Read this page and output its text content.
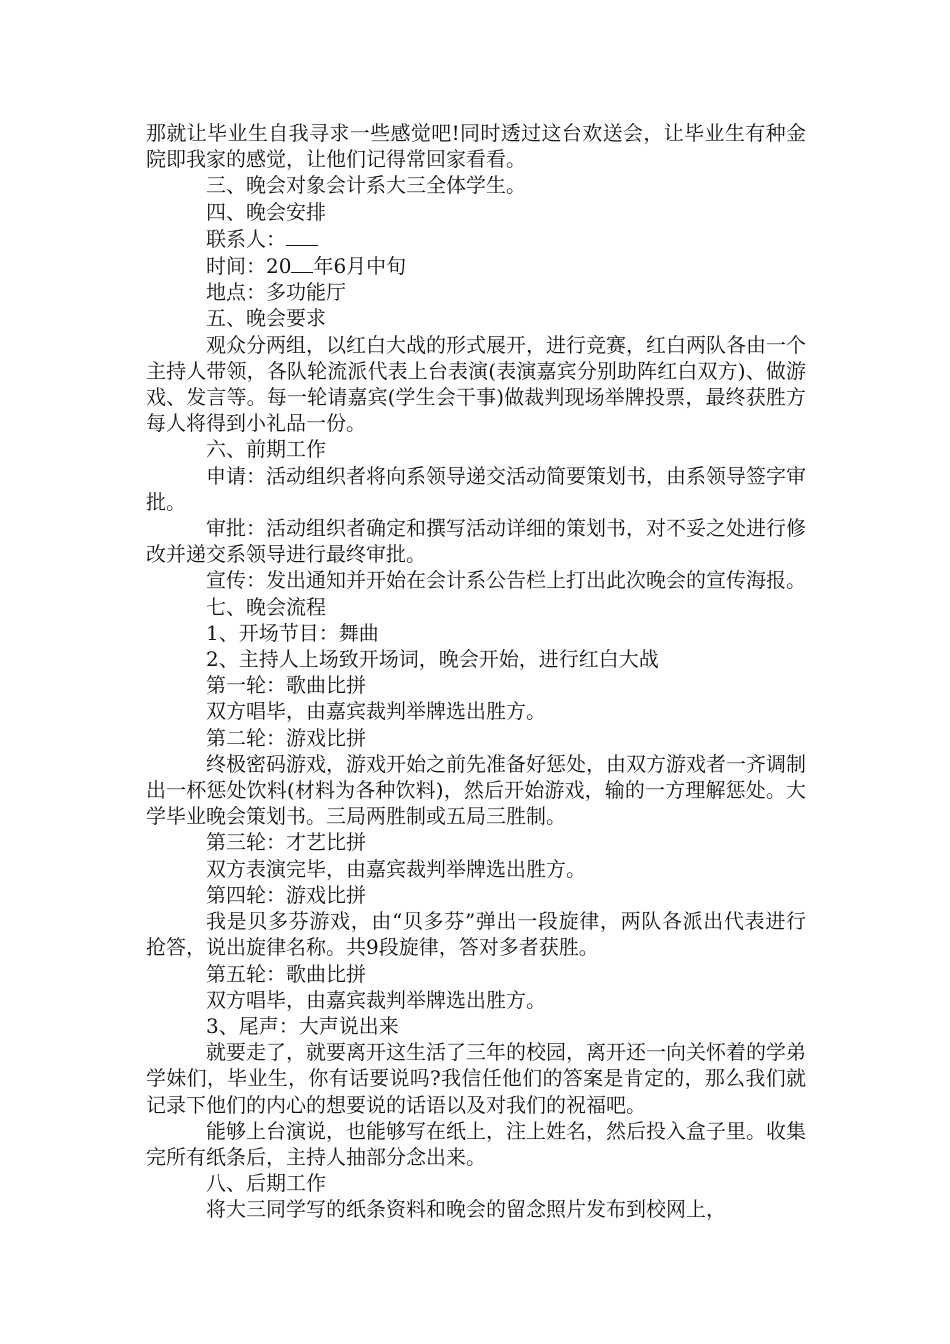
那就让毕业生自我寻求一些感觉吧!同时透过这台欢送会，让毕业生有种金院即我家的感觉，让他们记得常回家看看。

三、晚会对象会计系大三全体学生。

四、晚会安排

联系人：

时间：20 年6月中旬

地点：多功能厅

五、晚会要求

观众分两组，以红白大战的形式展开，进行竞赛，红白两队各由一个主持人带领，各队轮流派代表上台表演(表演嘉宾分别助阵红白双方)、做游戏、发言等。每一轮请嘉宾(学生会干事)做裁判现场举牌投票，最终获胜方每人将得到小礼品一份。

六、前期工作

申请：活动组织者将向系领导递交活动简要策划书，由系领导签字审批。

审批：活动组织者确定和撰写活动详细的策划书，对不妥之处进行修改并递交系领导进行最终审批。

宣传：发出通知并开始在会计系公告栏上打出此次晚会的宣传海报。

七、晚会流程

1、开场节目：舞曲

2、主持人上场致开场词，晚会开始，进行红白大战

第一轮：歌曲比拼

双方唱毕，由嘉宾裁判举牌选出胜方。

第二轮：游戏比拼

终极密码游戏，游戏开始之前先准备好惩处，由双方游戏者一齐调制出一杯惩处饮料(材料为各种饮料)，然后开始游戏，输的一方理解惩处。大学毕业晚会策划书。三局两胜制或五局三胜制。

第三轮：才艺比拼

双方表演完毕，由嘉宾裁判举牌选出胜方。

第四轮：游戏比拼

我是贝多芬游戏，由“贝多芬”弹出一段旋律，两队各派出代表进行抢答，说出旋律名称。共9段旋律，答对多者获胜。

第五轮：歌曲比拼

双方唱毕，由嘉宾裁判举牌选出胜方。

3、尾声：大声说出来

就要走了，就要离开这生活了三年的校园，离开还一向关怀着的学弟学妹们，毕业生，你有话要说吗?我信任他们的答案是肯定的，那么我们就记录下他们的内心的想要说的话语以及对我们的祝福吧。

能够上台演说，也能够写在纸上，注上姓名，然后投入盒子里。收集完所有纸条后，主持人抽部分念出来。

八、后期工作

将大三同学写的纸条资料和晚会的留念照片发布到校网上，
